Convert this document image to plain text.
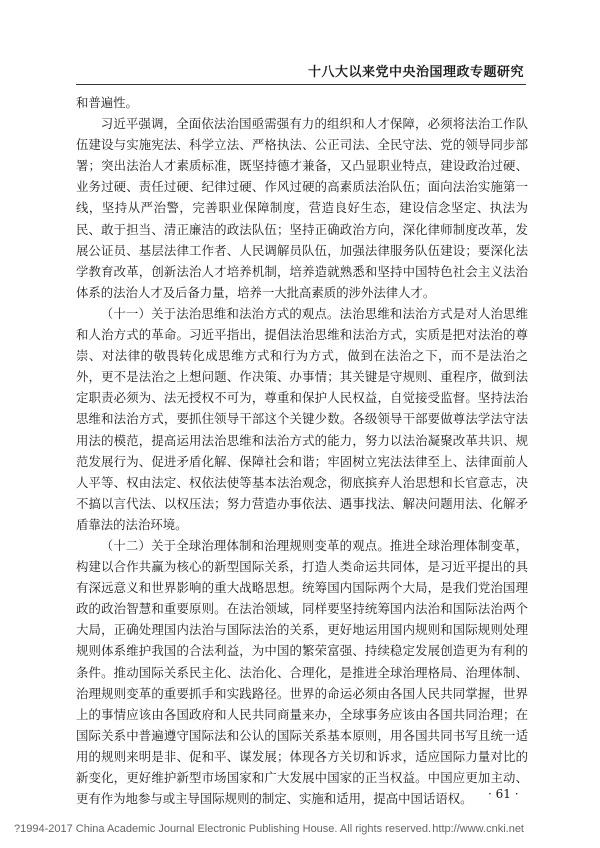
十八大以来党中央治国理政专题研究

和普遍性。

习近平强调，全面依法治国亟需强有力的组织和人才保障，必须将法治工作队伍建设与实施宪法、科学立法、严格执法、公正司法、全民守法、党的领导同步部署；突出法治人才素质标准，既坚持德才兼备，又凸显职业特点，建设政治过硬、业务过硬、责任过硬、纪律过硬、作风过硬的高素质法治队伍；面向法治实施第一线，坚持从严治警，完善职业保障制度，营造良好生态，建设信念坚定、执法为民、敢于担当、清正廉洁的政法队伍；坚持正确政治方向，深化律师制度改革，发展公证员、基层法律工作者、人民调解员队伍，加强法律服务队伍建设；要深化法学教育改革，创新法治人才培养机制，培养造就熟悉和坚持中国特色社会主义法治体系的法治人才及后备力量，培养一大批高素质的涉外法律人才。

（十一）关于法治思维和法治方式的观点。法治思维和法治方式是对人治思维和人治方式的革命。习近平指出，提倡法治思维和法治方式，实质是把对法治的尊崇、对法律的敬畏转化成思维方式和行为方式，做到在法治之下，而不是法治之外，更不是法治之上想问题、作决策、办事情；其关键是守规则、重程序，做到法定职责必须为、法无授权不可为，尊重和保护人民权益，自觉接受监督。坚持法治思维和法治方式，要抓住领导干部这个关键少数。各级领导干部要做尊法学法守法用法的模范，提高运用法治思维和法治方式的能力，努力以法治凝聚改革共识、规范发展行为、促进矛盾化解、保障社会和谐；牢固树立宪法法律至上、法律面前人人平等、权由法定、权依法使等基本法治观念，彻底摈弃人治思想和长官意志，决不搞以言代法、以权压法；努力营造办事依法、遇事找法、解决问题用法、化解矛盾靠法的法治环境。

（十二）关于全球治理体制和治理规则变革的观点。推进全球治理体制变革，构建以合作共赢为核心的新型国际关系，打造人类命运共同体，是习近平提出的具有深远意义和世界影响的重大战略思想。统筹国内国际两个大局，是我们党治国理政的政治智慧和重要原则。在法治领域，同样要坚持统筹国内法治和国际法治两个大局，正确处理国内法治与国际法治的关系，更好地运用国内规则和国际规则处理规则体系维护我国的合法利益，为中国的繁荣富强、持续稳定发展创造更为有利的条件。推动国际关系民主化、法治化、合理化，是推进全球治理格局、治理体制、治理规则变革的重要抓手和实践路径。世界的命运必须由各国人民共同掌握，世界上的事情应该由各国政府和人民共同商量来办，全球事务应该由各国共同治理；在国际关系中普遍遵守国际法和公认的国际关系基本原则，用各国共同书写且统一适用的规则来明是非、促和平、谋发展；体现各方关切和诉求，适应国际力量对比的新变化，更好维护新型市场国家和广大发展中国家的正当权益。中国应更加主动、更有作为地参与或主导国际规则的制定、实施和适用，提高中国话语权。	· 61 ·
?1994-2017 China Academic Journal Electronic Publishing House. All rights reserved. http://www.cnki.net
